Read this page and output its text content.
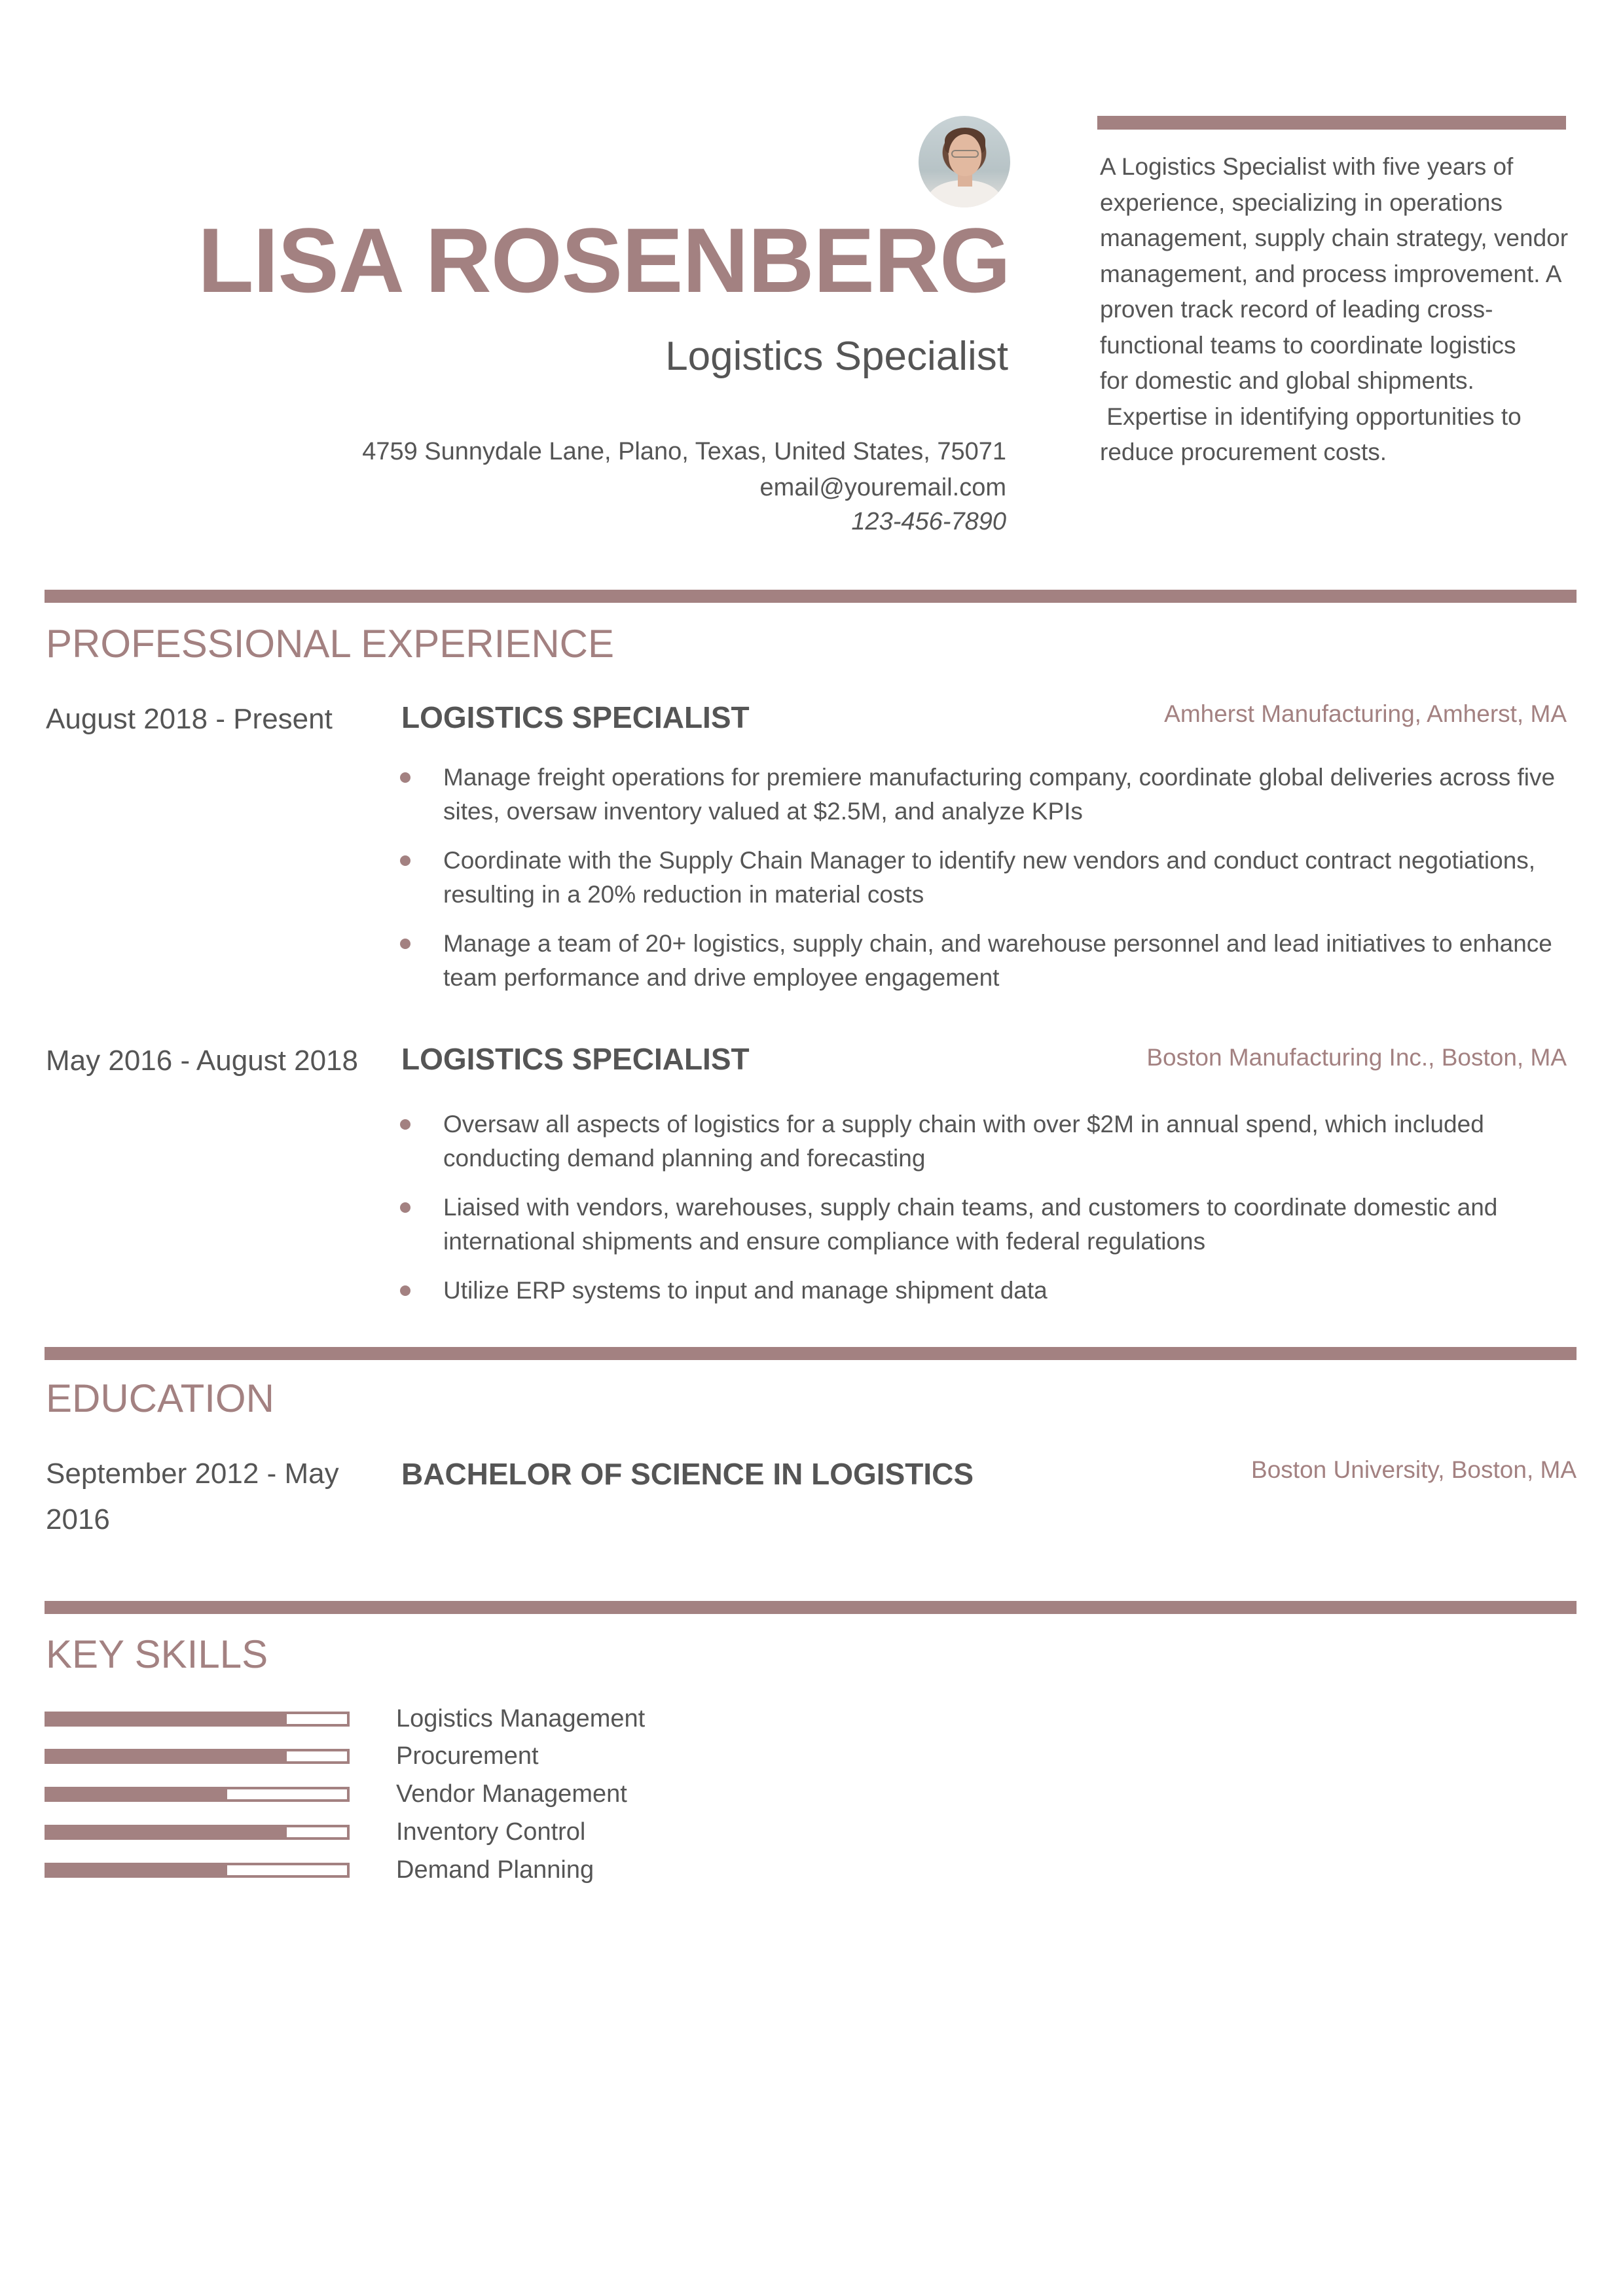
LISA ROSENBERG
Logistics Specialist
4759 Sunnydale Lane, Plano, Texas, United States, 75071
email@youremail.com
123-456-7890
A Logistics Specialist with five years of
experience, specializing in operations
management, supply chain strategy, vendor
management, and process improvement. A
proven track record of leading cross-
functional teams to coordinate logistics
for domestic and global shipments.
Expertise in identifying opportunities to
reduce procurement costs.
PROFESSIONAL EXPERIENCE
August 2018 - Present LOGISTICS SPECIALIST	Amherst Manufacturing, Amherst, MA
Manage freight operations for premiere manufacturing company, coordinate global deliveries across five sites, oversaw inventory valued at $2.5M, and analyze KPIs
Coordinate with the Supply Chain Manager to identify new vendors and conduct contract negotiations, resulting in a 20% reduction in material costs
Manage a team of 20+ logistics, supply chain, and warehouse personnel and lead initiatives to enhance team performance and drive employee engagement
May 2016 - August 2018 LOGISTICS SPECIALIST	Boston Manufacturing Inc., Boston, MA
Oversaw all aspects of logistics for a supply chain with over $2M in annual spend, which included conducting demand planning and forecasting
Liaised with vendors, warehouses, supply chain teams, and customers to coordinate domestic and international shipments and ensure compliance with federal regulations
Utilize ERP systems to input and manage shipment data
EDUCATION
September 2012 - May
2016
BACHELOR OF SCIENCE IN LOGISTICS	Boston University, Boston, MA
KEY SKILLS
Logistics Management
Procurement
Vendor Management
Inventory Control
Demand Planning
